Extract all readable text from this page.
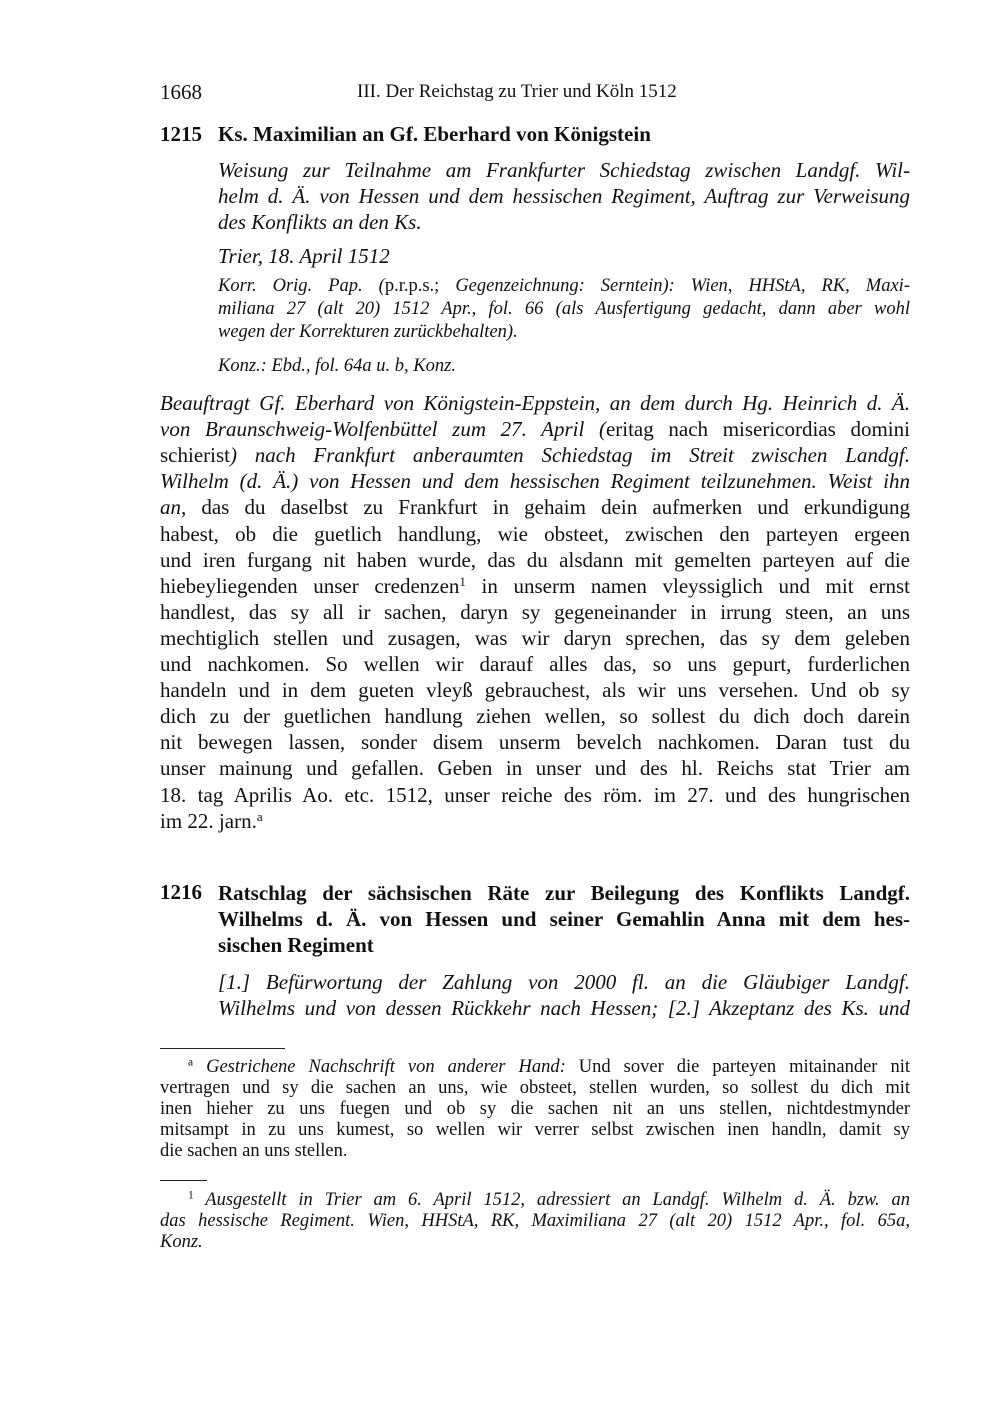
1668	III. Der Reichstag zu Trier und Köln 1512
1215 Ks. Maximilian an Gf. Eberhard von Königstein
Weisung zur Teilnahme am Frankfurter Schiedstag zwischen Landgf. Wil-
helm d. Ä. von Hessen und dem hessischen Regiment, Auftrag zur Verweisung
des Konflikts an den Ks.
Trier, 18. April 1512
Korr. Orig. Pap. (p.r.p.s.; Gegenzeichnung: Serntein): Wien, HHStA, RK, Maxi-
miliana 27 (alt 20) 1512 Apr., fol. 66 (als Ausfertigung gedacht, dann aber wohl
wegen der Korrekturen zurückbehalten).
Konz.: Ebd., fol. 64a u. b, Konz.
Beauftragt Gf. Eberhard von Königstein-Eppstein, an dem durch Hg. Heinrich d. Ä.
von Braunschweig-Wolfenbüttel zum 27. April (eritag nach misericordias domini
schierist) nach Frankfurt anberaumten Schiedstag im Streit zwischen Landgf.
Wilhelm (d. Ä.) von Hessen und dem hessischen Regiment teilzunehmen. Weist ihn
an, das du daselbst zu Frankfurt in gehaim dein aufmerken und erkundigung
habest, ob die guetlich handlung, wie obsteet, zwischen den parteyen ergeen
und iren furgang nit haben wurde, das du alsdann mit gemelten parteyen auf die
hiebeyliegenden unser credenzen$^1$ in unserm namen vleyssiglich und mit ernst
handlest, das sy all ir sachen, daryn sy gegeneinander in irrung steen, an uns
mechtiglich stellen und zusagen, was wir daryn sprechen, das sy dem geleben
und nachkomen. So wellen wir darauf alles das, so uns gepurt, furderlichen
handeln und in dem gueten vleyß gebrauchest, als wir uns versehen. Und ob sy
dich zu der guetlichen handlung ziehen wellen, so sollest du dich doch darein
nit bewegen lassen, sonder disem unserm bevelch nachkomen. Daran tust du
unser mainung und gefallen. Geben in unser und des hl. Reichs stat Trier am
18. tag Aprilis Ao. etc. 1512, unser reiche des röm. im 27. und des hungrischen
im 22. jarn.$^a$
1216 Ratschlag der sächsischen Räte zur Beilegung des Konflikts Landgf.
Wilhelms d. Ä. von Hessen und seiner Gemahlin Anna mit dem hes-
sischen Regiment
[1.] Befürwortung der Zahlung von 2000 fl. an die Gläubiger Landgf.
Wilhelms und von dessen Rückkehr nach Hessen; [2.] Akzeptanz des Ks. und
$^a$ Gestrichene Nachschrift von anderer Hand: Und sover die parteyen mitainander nit
vertragen und sy die sachen an uns, wie obsteet, stellen wurden, so sollest du dich mit
inen hieher zu uns fuegen und ob sy die sachen nit an uns stellen, nichtdestmynder
mitsampt in zu uns kumest, so wellen wir verrer selbst zwischen inen handln, damit sy
die sachen an uns stellen.
$^1$ Ausgestellt in Trier am 6. April 1512, adressiert an Landgf. Wilhelm d. Ä. bzw. an
das hessische Regiment. Wien, HHStA, RK, Maximiliana 27 (alt 20) 1512 Apr., fol. 65a,
Konz.
